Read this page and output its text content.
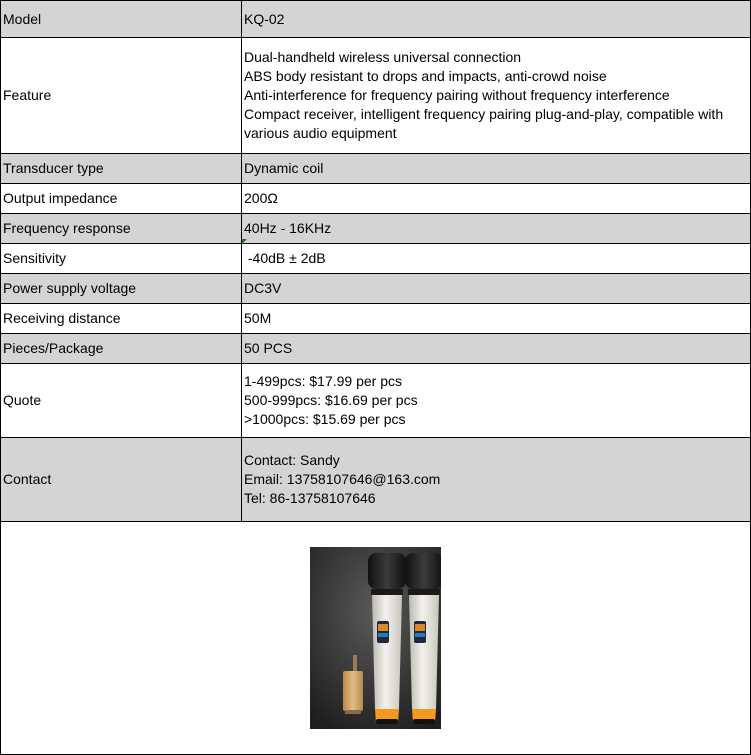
Model	KQ-02
Feature	Dual-handheld wireless universal connection
ABS body resistant to drops and impacts, anti-crowd noise
Anti-interference for frequency pairing without frequency interference
Compact receiver, intelligent frequency pairing plug-and-play, compatible with various audio equipment

Transducer type	Dynamic coil
Output impedance	200Ω
Frequency response	40Hz - 16KHz
Sensitivity	-40dB ± 2dB
Power supply voltage	DC3V
Receiving distance	50M
Pieces/Package	50 PCS
Quote	1-499pcs: $17.99 per pcs
500-999pcs: $16.69 per pcs
>1000pcs: $15.69 per pcs

Contact	Contact: Sandy
Email: 13758107646@163.com
Tel: 86-13758107646
